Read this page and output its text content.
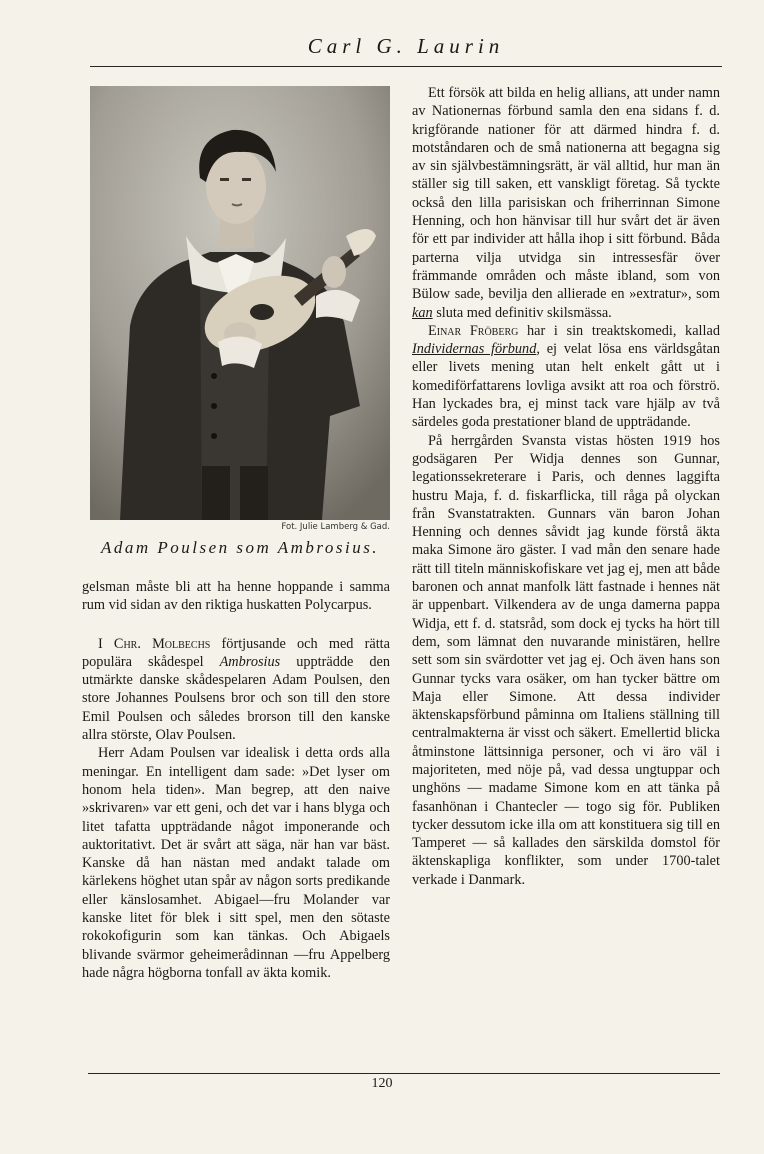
Carl G. Laurin
Fot. Julie Lamberg & Gad.
Adam Poulsen som Ambrosius.

gelsman måste bli att ha henne hoppande i samma rum vid sidan av den riktiga huskatten Polycarpus.

I Chr. Molbechs förtjusande och med rätta populära skådespel Ambrosius uppträdde den utmärkte danske skådespelaren Adam Poulsen, den store Johannes Poulsens bror och son till den store Emil Poulsen och således brorson till den kanske allra störste, Olav Poulsen.

Herr Adam Poulsen var idealisk i detta ords alla meningar. En intelligent dam sade: »Det lyser om honom hela tiden». Man begrep, att den naive »skrivaren» var ett geni, och det var i hans blyga och litet tafatta uppträdande något imponerande och auktoritativt. Det är svårt att säga, när han var bäst. Kanske då han nästan med andakt talade om kärlekens höghet utan spår av någon sorts predikande eller känslosamhet. Abigael—fru Molander var kanske litet för blek i sitt spel, men den sötaste rokokofigurin som kan tänkas. Och Abigaels blivande svärmor geheimerådinnan —fru Appelberg hade några högborna tonfall av äkta komik.

Ett försök att bilda en helig allians, att under namn av Nationernas förbund samla den ena sidans f. d. krigförande nationer för att därmed hindra f. d. motståndaren och de små nationerna att begagna sig av sin självbestämningsrätt, är väl alltid, hur man än ställer sig till saken, ett vanskligt företag. Så tyckte också den lilla parisiskan och friherrinnan Simone Henning, och hon hänvisar till hur svårt det är även för ett par individer att hålla ihop i sitt förbund. Båda parterna vilja utvidga sin intressesfär över främmande områden och måste ibland, som von Bülow sade, bevilja den allierade en »extratur», som kan sluta med definitiv skilsmässa.

Einar Fröberg har i sin treaktskomedi, kallad Individernas förbund, ej velat lösa ens världsgåtan eller livets mening utan helt enkelt gått ut i komediförfattarens lovliga avsikt att roa och förströ. Han lyckades bra, ej minst tack vare hjälp av två särdeles goda prestationer bland de uppträdande.

På herrgården Svansta vistas hösten 1919 hos godsägaren Per Widja dennes son Gunnar, legationssekreterare i Paris, och dennes laggifta hustru Maja, f. d. fiskarflicka, till råga på olyckan från Svanstatrakten. Gunnars vän baron Johan Henning och dennes såvidt jag kunde förstå äkta maka Simone äro gäster. I vad mån den senare hade rätt till titeln människofiskare vet jag ej, men att både baronen och annat manfolk lätt fastnade i hennes nät är uppenbart. Vilkendera av de unga damerna pappa Widja, ett f. d. statsråd, som dock ej tycks ha hört till dem, som lämnat den nuvarande ministären, hellre sett som sin svärdotter vet jag ej. Och även hans son Gunnar tycks vara osäker, om han tycker bättre om Maja eller Simone. Att dessa individer äktenskapsförbund påminna om Italiens ställning till centralmakterna är visst och säkert. Emellertid blicka åtminstone lättsinniga personer, och vi äro väl i majoriteten, med nöje på, vad dessa ungtuppar och unghöns — madame Simone kom en att tänka på fasanhönan i Chantecler — togo sig för. Publiken tycker dessutom icke illa om att konstituera sig till en Tamperet — så kallades den särskilda domstol för äktenskapliga konflikter, som under 1700-talet verkade i Danmark.

120
